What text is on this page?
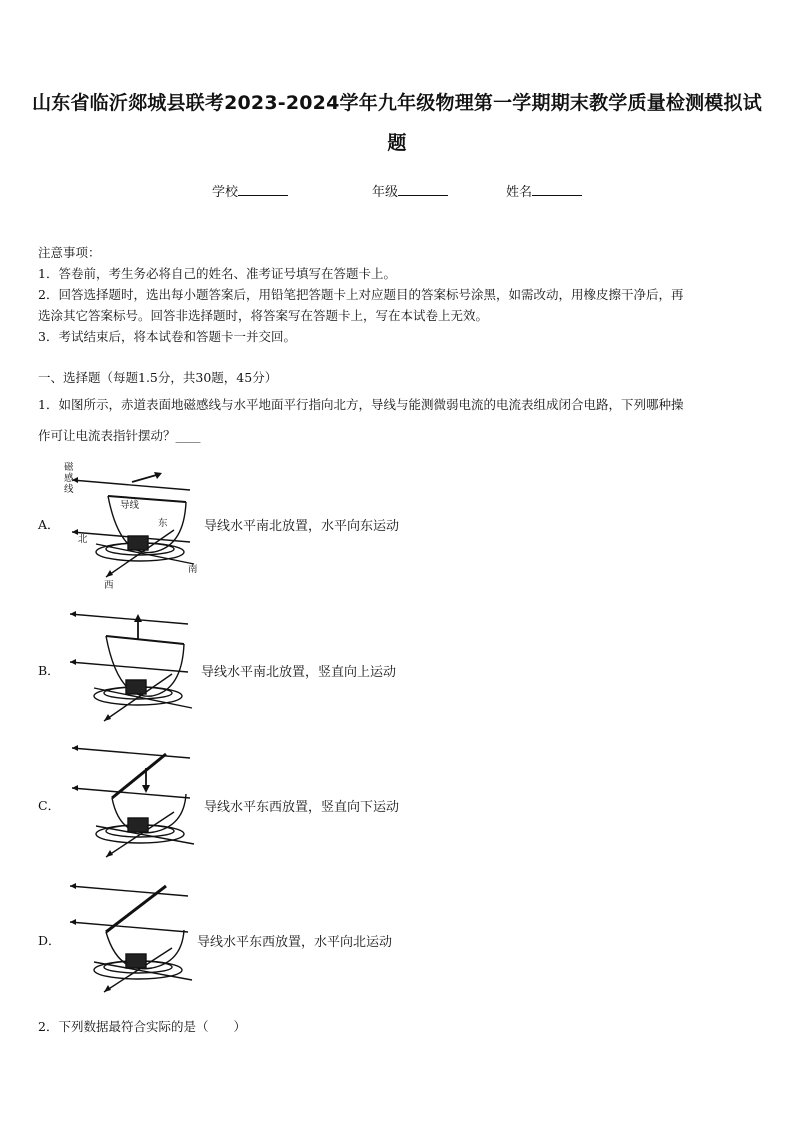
山东省临沂郯城县联考2023-2024学年九年级物理第一学期期末教学质量检测模拟试
题
学校	年级	姓名
注意事项：
1．答卷前，考生务必将自己的姓名、准考证号填写在答题卡上。
2．回答选择题时，选出每小题答案后，用铅笔把答题卡上对应题目的答案标号涂黑，如需改动，用橡皮擦干净后，再
选涂其它答案标号。回答非选择题时，将答案写在答题卡上，写在本试卷上无效。
3．考试结束后，将本试卷和答题卡一并交回。
一、选择题（每题1.5分，共30题，45分）
1．如图所示，赤道表面地磁感线与水平地面平行指向北方，导线与能测微弱电流的电流表组成闭合电路，下列哪种操
作可让电流表指针摆动？____
A．
磁感线
导线
东
北
西
南
导线水平南北放置，水平向东运动
B．	导线水平南北放置，竖直向上运动
C．	导线水平东西放置，竖直向下运动
D．	导线水平东西放置，水平向北运动
2．下列数据最符合实际的是（　　）
